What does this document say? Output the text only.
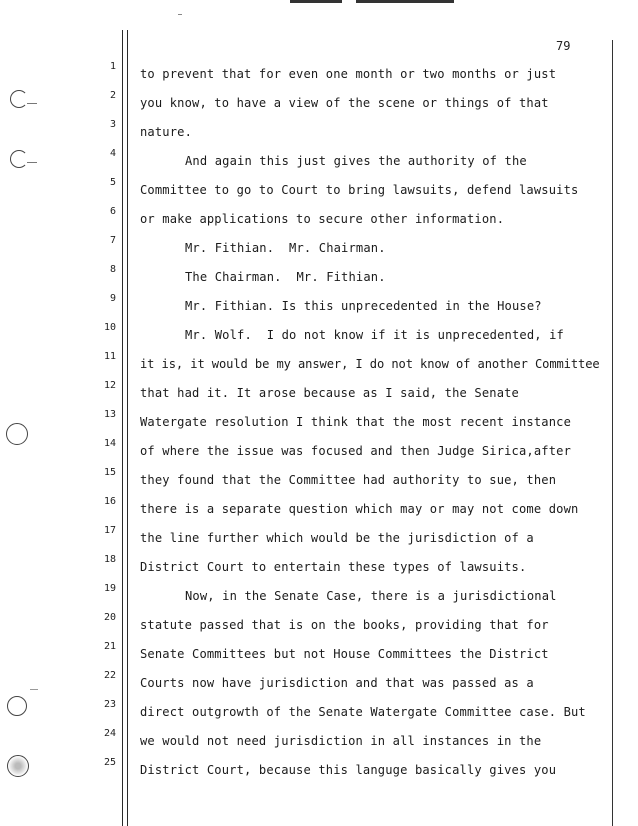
79
1
2
3
4
5
6
7
8
9
10
11
12
13
14
15
16
17
18
19
20
21
22
23
24
25
to prevent that for even one month or two months or just
you know, to have a view of the scene or things of that
nature.
And again this just gives the authority of the
Committee to go to Court to bring lawsuits, defend lawsuits
or make applications to secure other information.
Mr. Fithian.  Mr. Chairman.
The Chairman.  Mr. Fithian.
Mr. Fithian. Is this unprecedented in the House?
Mr. Wolf.  I do not know if it is unprecedented, if
it is, it would be my answer, I do not know of another Committee
that had it. It arose because as I said, the Senate
Watergate resolution I think that the most recent instance
of where the issue was focused and then Judge Sirica,after
they found that the Committee had authority to sue, then
there is a separate question which may or may not come down
the line further which would be the jurisdiction of a
District Court to entertain these types of lawsuits.
Now, in the Senate Case, there is a jurisdictional
statute passed that is on the books, providing that for
Senate Committees but not House Committees the District
Courts now have jurisdiction and that was passed as a
direct outgrowth of the Senate Watergate Committee case. But
we would not need jurisdiction in all instances in the
District Court, because this languge basically gives you
